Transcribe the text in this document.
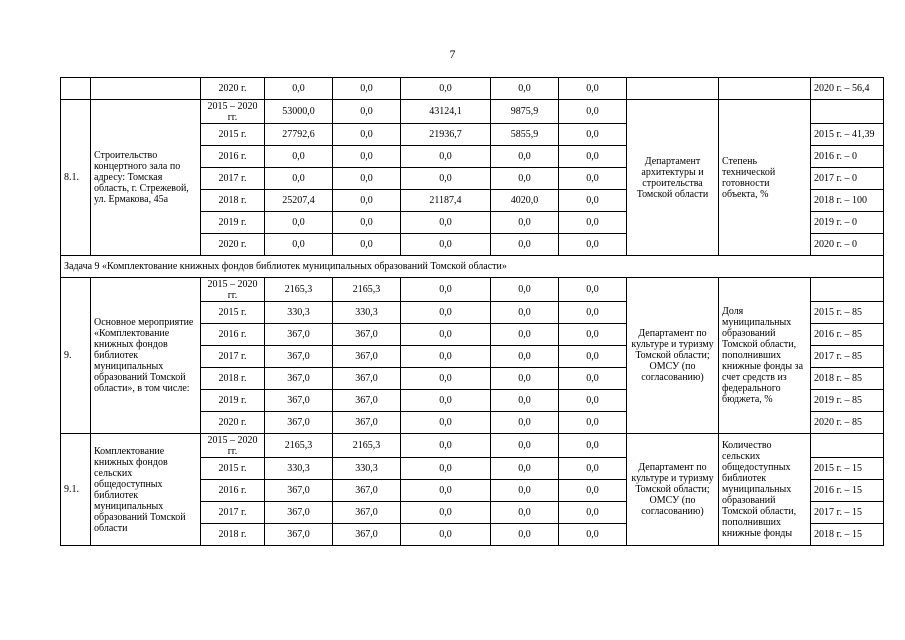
7
		2020 г.	0,0	0,0	0,0	0,0	0,0			2020 г. – 56,4
8.1.	Строительство концертного зала по адресу: Томская область, г. Стрежевой, ул. Ермакова, 45а	2015 – 2020 гг.	53000,0	0,0	43124,1	9875,9	0,0	Департамент архитектуры и строительства Томской области	Степень технической готовности объекта, %	
		2015 г.	27792,6	0,0	21936,7	5855,9	0,0			2015 г. – 41,39
		2016 г.	0,0	0,0	0,0	0,0	0,0			2016 г. – 0
		2017 г.	0,0	0,0	0,0	0,0	0,0			2017 г. – 0
		2018 г.	25207,4	0,0	21187,4	4020,0	0,0			2018 г. – 100
		2019 г.	0,0	0,0	0,0	0,0	0,0			2019 г. – 0
		2020 г.	0,0	0,0	0,0	0,0	0,0			2020 г. – 0
Задача 9 «Комплектование книжных фондов библиотек муниципальных образований Томской области»										
9.	Основное мероприятие «Комплектование книжных фондов библиотек муниципальных образований Томской области», в том числе:	2015 – 2020 гг.	2165,3	2165,3	0,0	0,0	0,0	Департамент по культуре и туризму Томской области; ОМСУ (по согласованию)	Доля муниципальных образований Томской области, пополнивших книжные фонды за счет средств из федерального бюджета, %	
		2015 г.	330,3	330,3	0,0	0,0	0,0			2015 г. – 85
		2016 г.	367,0	367,0	0,0	0,0	0,0			2016 г. – 85
		2017 г.	367,0	367,0	0,0	0,0	0,0			2017 г. – 85
		2018 г.	367,0	367,0	0,0	0,0	0,0			2018 г. – 85
		2019 г.	367,0	367,0	0,0	0,0	0,0			2019 г. – 85
		2020 г.	367,0	367,0	0,0	0,0	0,0			2020 г. – 85
9.1.	Комплектование книжных фондов сельских общедоступных библиотек муниципальных образований Томской области	2015 – 2020 гг.	2165,3	2165,3	0,0	0,0	0,0	Департамент по культуре и туризму Томской области; ОМСУ (по согласованию)	Количество сельских общедоступных библиотек муниципальных образований Томской области, пополнивших книжные фонды	
		2015 г.	330,3	330,3	0,0	0,0	0,0			2015 г. – 15
		2016 г.	367,0	367,0	0,0	0,0	0,0			2016 г. – 15
		2017 г.	367,0	367,0	0,0	0,0	0,0			2017 г. – 15
		2018 г.	367,0	367,0	0,0	0,0	0,0			2018 г. – 15
